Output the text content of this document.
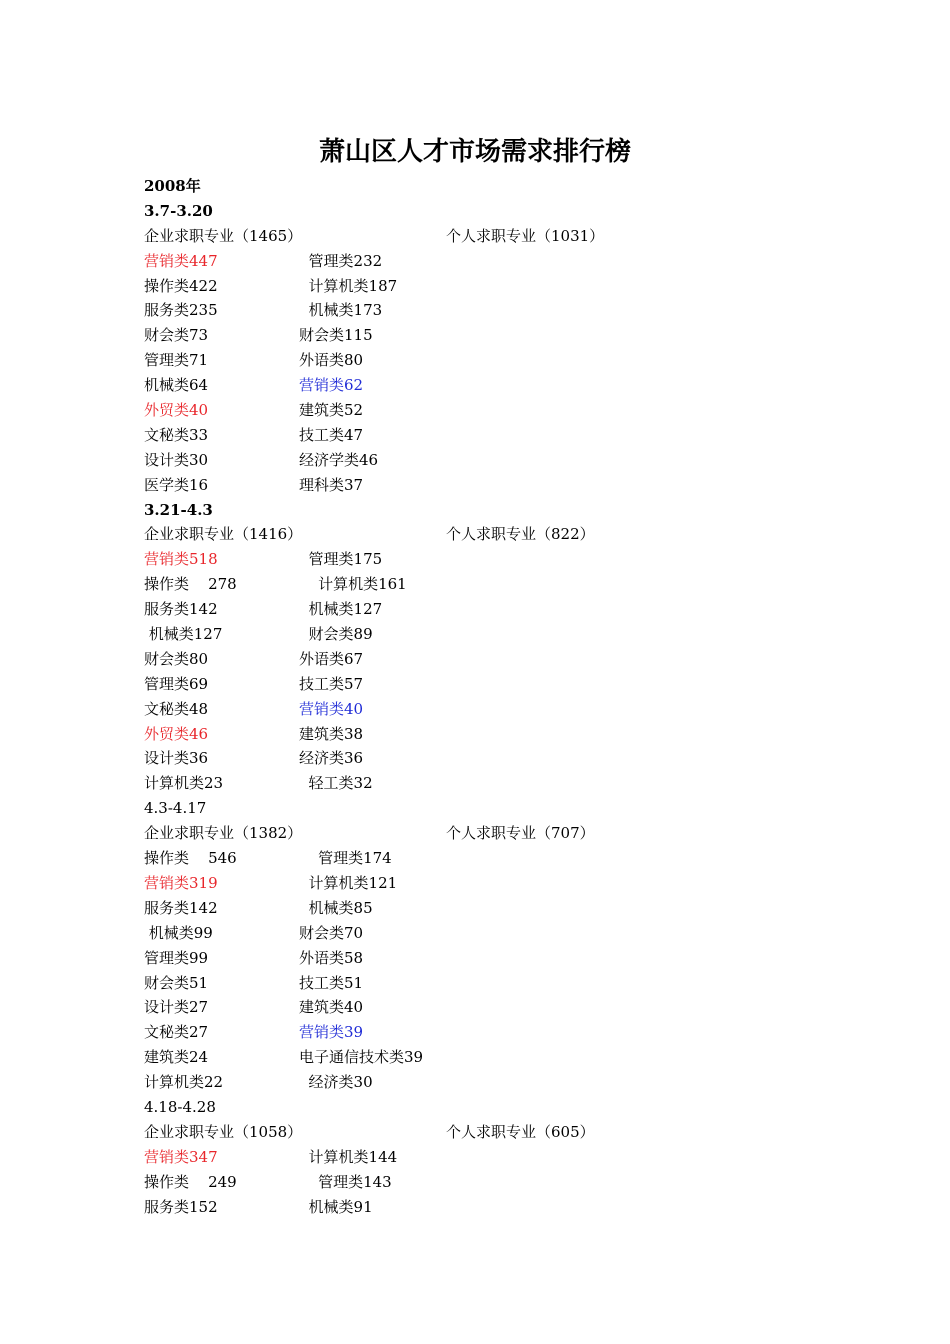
萧山区人才市场需求排行榜
2008年
3.7-3.20
企业求职专业（1465）	个人求职专业（1031）
营销类447	管理类232
操作类422	计算机类187
服务类235	机械类173
财会类73	财会类115
管理类71	外语类80
机械类64	营销类62
外贸类40	建筑类52
文秘类33	技工类47
设计类30	经济学类46
医学类16	理科类37
3.21-4.3
企业求职专业（1416）	个人求职专业（822）
营销类518	管理类175
操作类    278	计算机类161
服务类142	机械类127
机械类127	财会类89
财会类80	外语类67
管理类69	技工类57
文秘类48	营销类40
外贸类46	建筑类38
设计类36	经济类36
计算机类23	轻工类32
4.3-4.17
企业求职专业（1382）	个人求职专业（707）
操作类    546	管理类174
营销类319	计算机类121
服务类142	机械类85
机械类99	财会类70
管理类99	外语类58
财会类51	技工类51
设计类27	建筑类40
文秘类27	营销类39
建筑类24	电子通信技术类39
计算机类22	经济类30
4.18-4.28
企业求职专业（1058）	个人求职专业（605）
营销类347	计算机类144
操作类    249	管理类143
服务类152	机械类91
